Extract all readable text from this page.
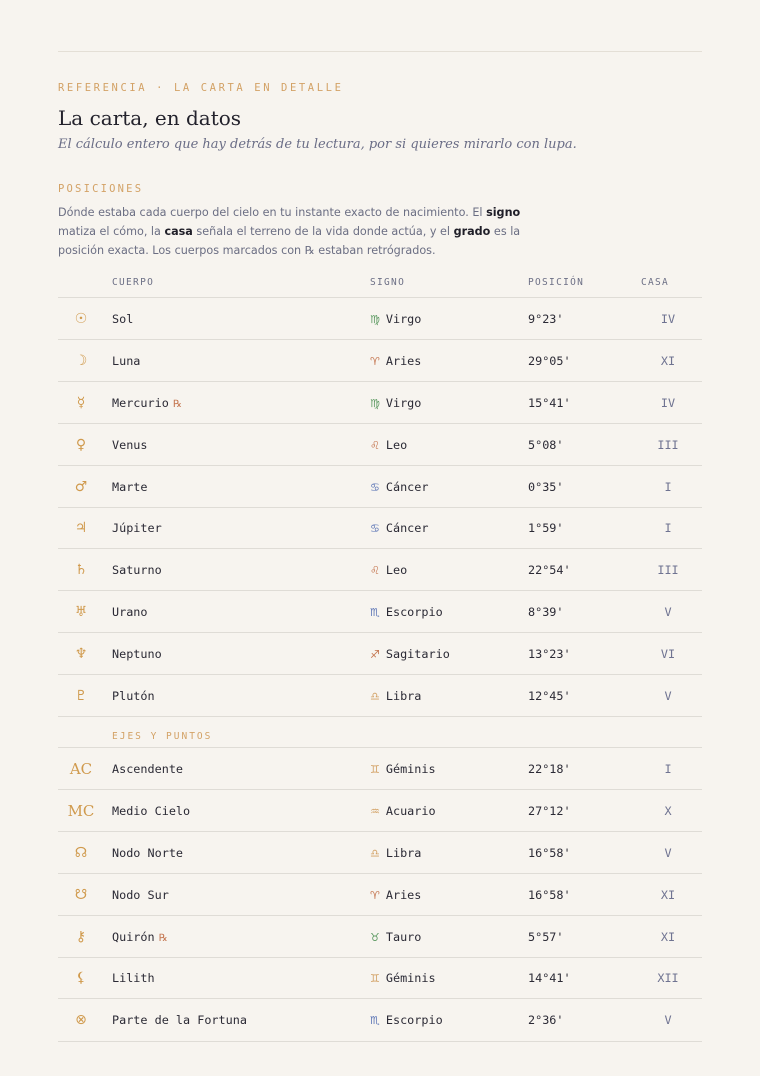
REFERENCIA · LA CARTA EN DETALLE
La carta, en datos
El cálculo entero que hay detrás de tu lectura, por si quieres mirarlo con lupa.
POSICIONES
Dónde estaba cada cuerpo del cielo en tu instante exacto de nacimiento. El signo matiza el cómo, la casa señala el terreno de la vida donde actúa, y el grado es la posición exacta. Los cuerpos marcados con ℞ estaban retrógrados.
CUERPO	SIGNO	POSICIÓN	CASA
☉	Sol	♍ Virgo	9°23'	IV
☽	Luna	♈ Aries	29°05'	XI
☿	Mercurio ℞	♍ Virgo	15°41'	IV
♀	Venus	♌ Leo	5°08'	III
♂	Marte	♋ Cáncer	0°35'	I
♃	Júpiter	♋ Cáncer	1°59'	I
♄	Saturno	♌ Leo	22°54'	III
♅	Urano	♏ Escorpio	8°39'	V
♆	Neptuno	♐ Sagitario	13°23'	VI
♇	Plutón	♎ Libra	12°45'	V
EJES Y PUNTOS
AC	Ascendente	♊ Géminis	22°18'	I
MC	Medio Cielo	♒ Acuario	27°12'	X
☊	Nodo Norte	♎ Libra	16°58'	V
☋	Nodo Sur	♈ Aries	16°58'	XI
⚷	Quirón ℞	♉ Tauro	5°57'	XI
⚸	Lilith	♊ Géminis	14°41'	XII
⊗	Parte de la Fortuna	♏ Escorpio	2°36'	V
